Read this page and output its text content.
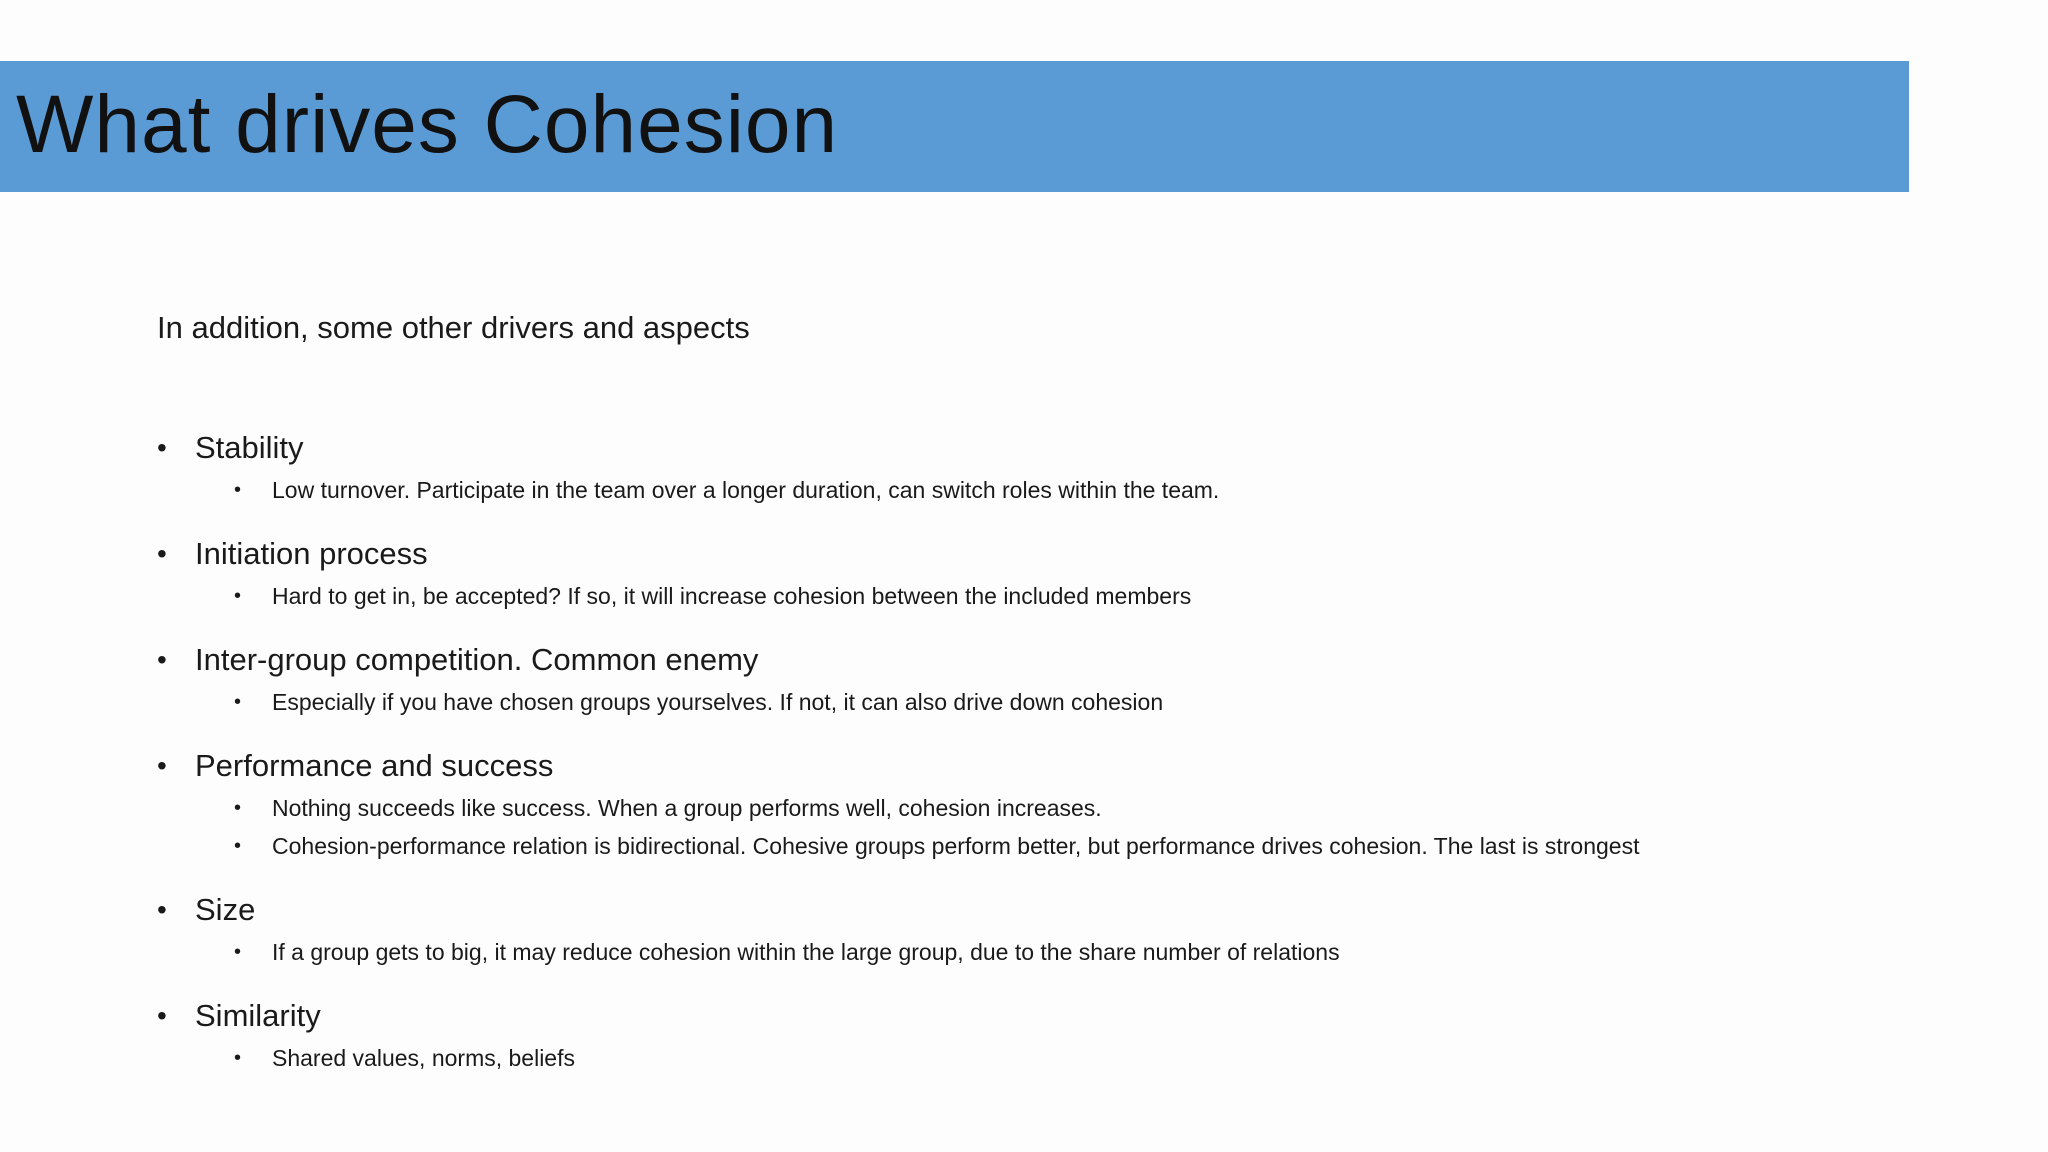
What drives Cohesion
In addition, some other drivers and aspects
• Stability
• Low turnover. Participate in the team over a longer duration, can switch roles within the team.
• Initiation process
• Hard to get in, be accepted? If so, it will increase cohesion between the included members
• Inter-group competition. Common enemy
• Especially if you have chosen groups yourselves. If not, it can also drive down cohesion
• Performance and success
• Nothing succeeds like success. When a group performs well, cohesion increases.
• Cohesion-performance relation is bidirectional. Cohesive groups perform better, but performance drives cohesion. The last is strongest
• Size
• If a group gets to big, it may reduce cohesion within the large group, due to the share number of relations
• Similarity
• Shared values, norms, beliefs
